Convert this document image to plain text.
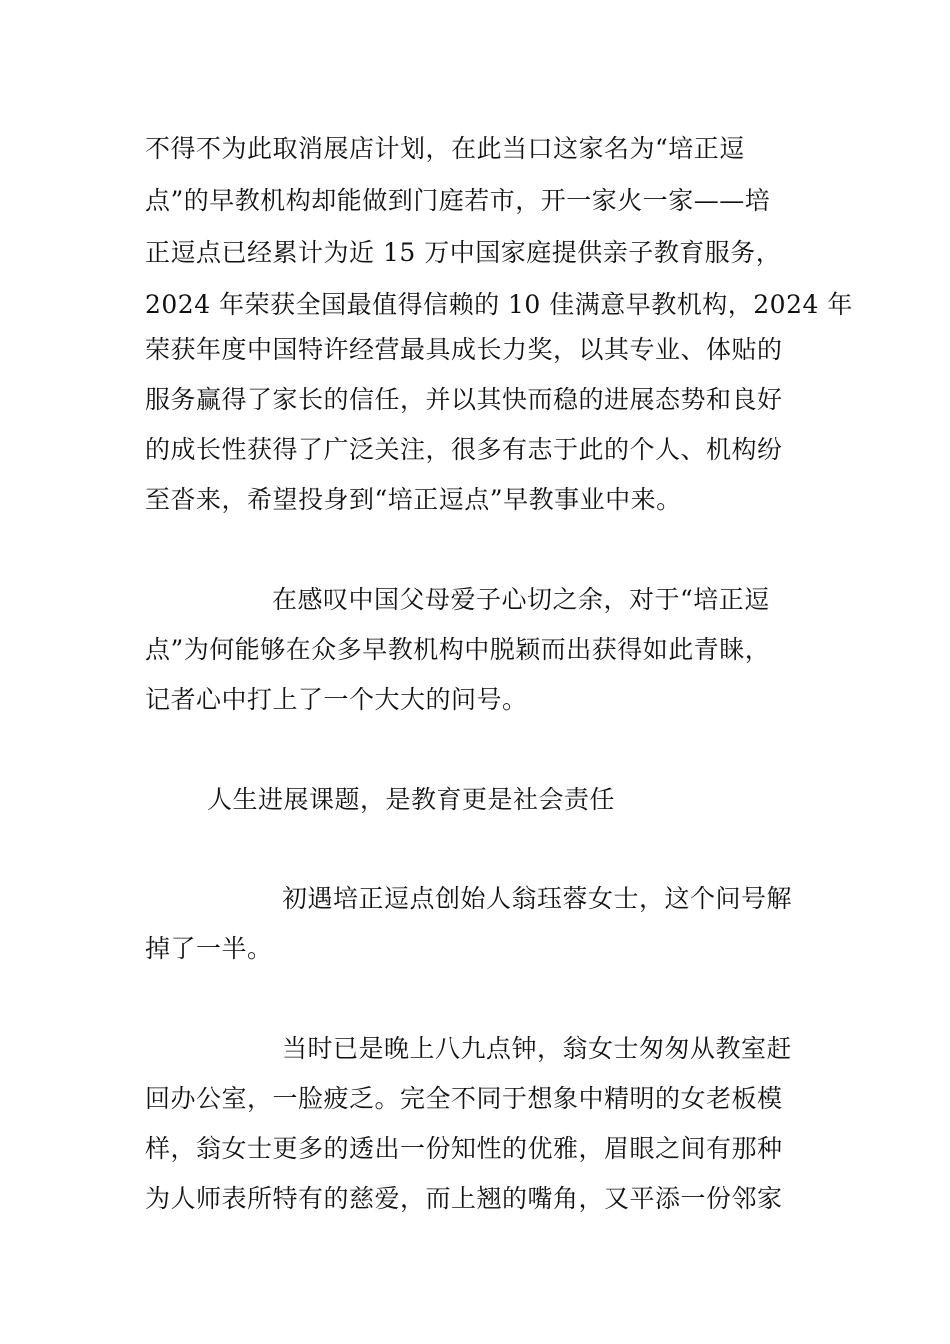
不得不为此取消展店计划，在此当口这家名为“培正逗
点”的早教机构却能做到门庭若市，开一家火一家——培
正逗点已经累计为近 15 万中国家庭提供亲子教育服务，
2024 年荣获全国最值得信赖的 10 佳满意早教机构，2024 年
荣获年度中国特许经营最具成长力奖，以其专业、体贴的
服务赢得了家长的信任，并以其快而稳的进展态势和良好
的成长性获得了广泛关注，很多有志于此的个人、机构纷
至沓来，希望投身到“培正逗点”早教事业中来。
在感叹中国父母爱子心切之余，对于“培正逗
点”为何能够在众多早教机构中脱颖而出获得如此青睐，
记者心中打上了一个大大的问号。
人生进展课题，是教育更是社会责任
初遇培正逗点创始人翁珏蓉女士，这个问号解
掉了一半。
当时已是晚上八九点钟，翁女士匆匆从教室赶
回办公室，一脸疲乏。完全不同于想象中精明的女老板模
样，翁女士更多的透出一份知性的优雅，眉眼之间有那种
为人师表所特有的慈爱，而上翘的嘴角，又平添一份邻家
